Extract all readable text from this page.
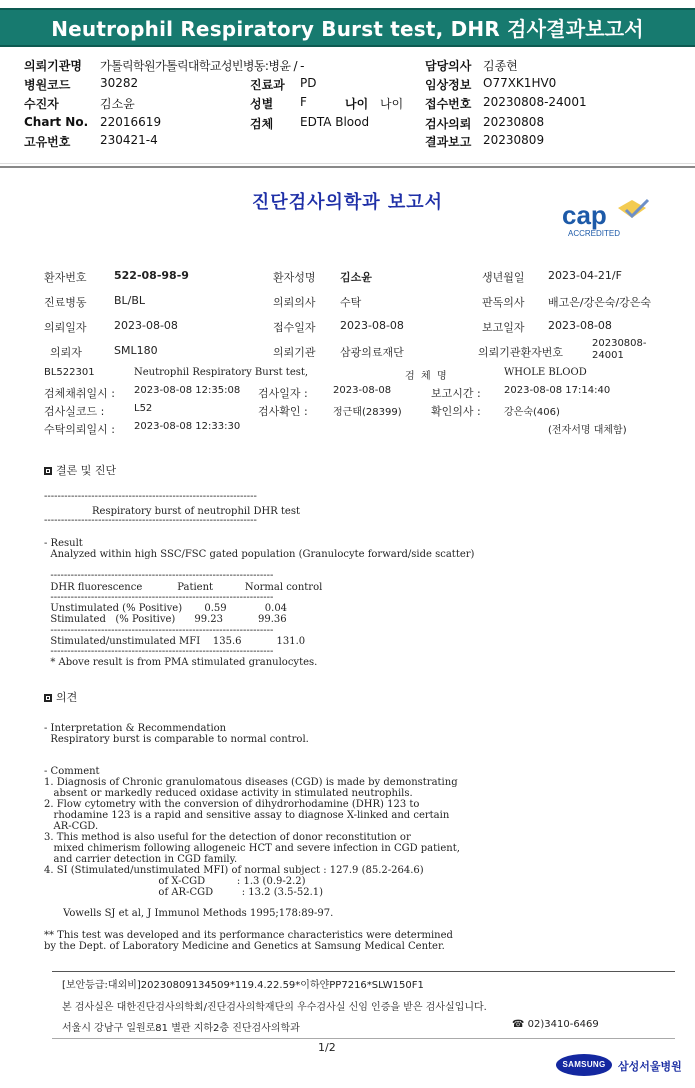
Neutrophil Respiratory Burst test, DHR 검사결과보고서
의뢰기관명 가톨릭학원가톨릭대학교성빈병동:병윤 / -	담당의사 김종현
병원코드 30282	진료과 PD	임상정보 O77XK1HV0
수진자	김소윤	성별 F	나이 나이 접수번호 20230808-24001
Chart No. 22016619	검체 EDTA Blood	검사의뢰 20230808
고유번호 230421-4	결과보고 20230809
진단검사의학과 보고서	cap
ACCREDITED
환자번호 522-08-98-9	환자성명 김소윤	생년월일 2023-04-21/F
진료병동 BL/BL	의뢰의사 수탁	판독의사 배고은/강은숙/강은숙
의뢰일자 2023-08-08	접수일자 2023-08-08	보고일자 2023-08-08
의뢰자	SML180	의뢰기관 삼광의료재단	의뢰기관환자번호
20230808-
24001
BL522301	Neutrophil Respiratory Burst test,	검  체  명	WHOLE BLOOD
검체채취일시 : 2023-08-08 12:35:08 검사일자 :	2023-08-08	보고시간 : 2023-08-08 17:14:40
검사실코드 :	L52	검사확인 :	정근태(28399)	확인의사 : 강은숙(406)
수탁의뢰일시 : 2023-08-08 12:33:30	(전자서명 대체함)
결론 및 진단
---------------------------------------------------------------
Respiratory burst of neutrophil DHR test
---------------------------------------------------------------
- Result
Analyzed within high SSC/FSC gated population (Granulocyte forward/side scatter)
------------------------------------------------------------------
DHR fluorescence           Patient          Normal control
------------------------------------------------------------------
Unstimulated (% Positive)       0.59            0.04
Stimulated   (% Positive)      99.23           99.36
------------------------------------------------------------------
Stimulated/unstimulated MFI    135.6           131.0
------------------------------------------------------------------
* Above result is from PMA stimulated granulocytes.
의견
- Interpretation & Recommendation
Respiratory burst is comparable to normal control.
- Comment
1. Diagnosis of Chronic granulomatous diseases (CGD) is made by demonstrating
absent or markedly reduced oxidase activity in stimulated neutrophils.
2. Flow cytometry with the conversion of dihydrorhodamine (DHR) 123 to
rhodamine 123 is a rapid and sensitive assay to diagnose X-linked and certain
AR-CGD.
3. This method is also useful for the detection of donor reconstitution or
mixed chimerism following allogeneic HCT and severe infection in CGD patient,
and carrier detection in CGD family.
4. SI (Stimulated/unstimulated MFI) of normal subject : 127.9 (85.2-264.6)
of X-CGD          : 1.3 (0.9-2.2)
of AR-CGD         : 13.2 (3.5-52.1)
Vowells SJ et al, J Immunol Methods 1995;178:89-97.
** This test was developed and its performance characteristics were determined
by the Dept. of Laboratory Medicine and Genetics at Samsung Medical Center.
[보안등급:대외비]20230809134509*119.4.22.59*이하얀PP7216*SLW150F1
본 검사실은 대한진단검사의학회/진단검사의학재단의 우수검사실 신임 인증을 받은 검사실입니다.
서울시 강남구 일원로81 별관 지하2층 진단검사의학과	☎ 02)3410-6469
1/2
SAMSUNG	삼성서울병원
